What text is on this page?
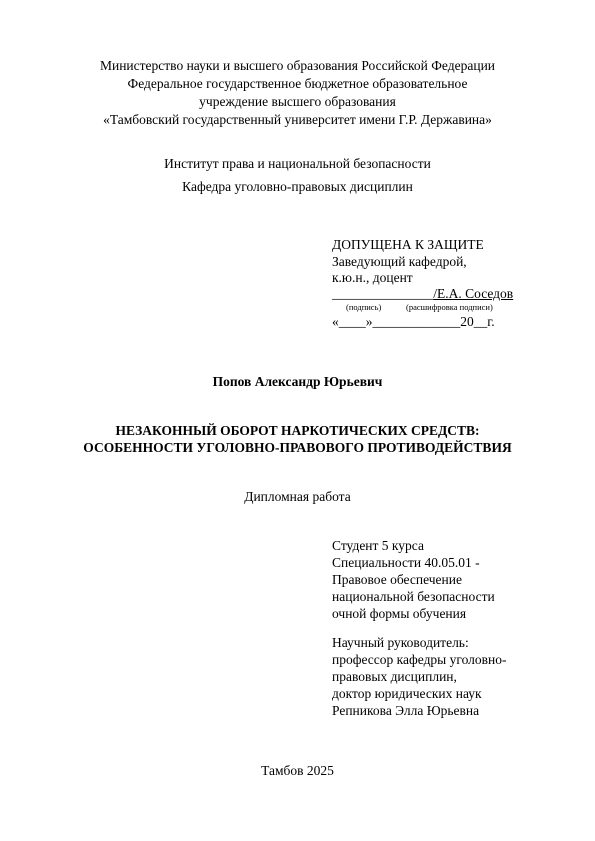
Министерство науки и высшего образования Российской Федерации
Федеральное государственное бюджетное образовательное
учреждение высшего образования
«Тамбовский государственный университет имени Г.Р. Державина»
Институт права и национальной безопасности
Кафедра уголовно-правовых дисциплин
ДОПУЩЕНА К ЗАЩИТЕ
Заведующий кафедрой,
к.ю.н., доцент
_______________/Е.А. Соседов
(подпись)	(расшифровка подписи)
«____»_____________20__г.
Попов Александр Юрьевич
НЕЗАКОННЫЙ ОБОРОТ НАРКОТИЧЕСКИХ СРЕДСТВ:
ОСОБЕННОСТИ УГОЛОВНО-ПРАВОВОГО ПРОТИВОДЕЙСТВИЯ
Дипломная работа
Студент 5 курса
Специальности 40.05.01 -
Правовое обеспечение
национальной безопасности
очной формы обучения
Научный руководитель:
профессор кафедры уголовно-
правовых дисциплин,
доктор юридических наук
Репникова Элла Юрьевна
Тамбов 2025
